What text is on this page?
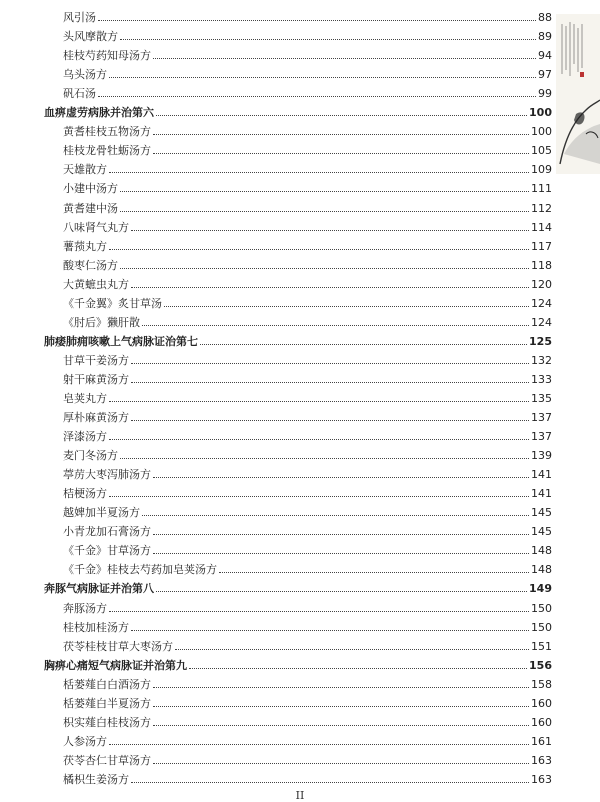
风引汤	88
头风摩散方	89
桂枝芍药知母汤方	94
乌头汤方	97
矾石汤	99
血痹虚劳病脉并治第六	100
黄耆桂枝五物汤方	100
桂枝龙骨牡蛎汤方	105
天雄散方	109
小建中汤方	111
黄耆建中汤	112
八味肾气丸方	114
薯蓣丸方	117
酸枣仁汤方	118
大黄蟅虫丸方	120
《千金翼》炙甘草汤	124
《肘后》獭肝散	124
肺痿肺痈咳嗽上气病脉证治第七	125
甘草干姜汤方	132
射干麻黄汤方	133
皂荚丸方	135
厚朴麻黄汤方	137
泽漆汤方	137
麦门冬汤方	139
葶苈大枣泻肺汤方	141
桔梗汤方	141
越婢加半夏汤方	145
小青龙加石膏汤方	145
《千金》甘草汤方	148
《千金》桂枝去芍药加皂荚汤方	148
奔豚气病脉证并治第八	149
奔豚汤方	150
桂枝加桂汤方	150
茯苓桂枝甘草大枣汤方	151
胸痹心痛短气病脉证并治第九	156
栝蒌薤白白酒汤方	158
栝蒌薤白半夏汤方	160
枳实薤白桂枝汤方	160
人参汤方	161
茯苓杏仁甘草汤方	163
橘枳生姜汤方	163
II
